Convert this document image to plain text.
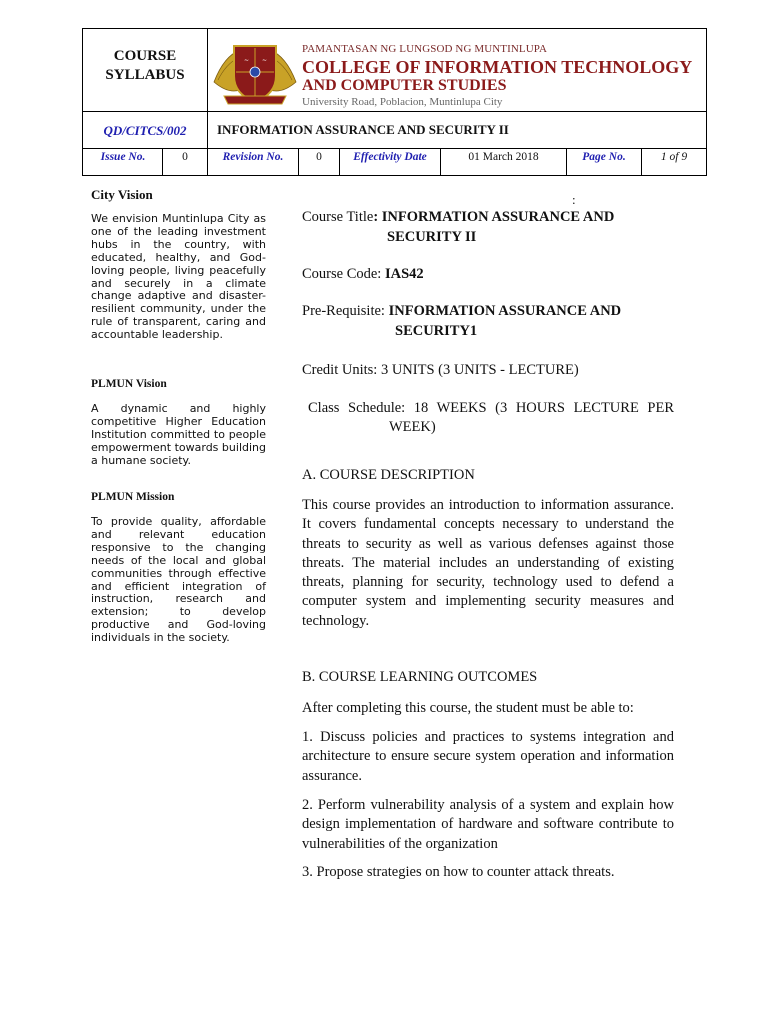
COURSE
SYLLABUS
~ ~
PAMANTASAN NG LUNGSOD NG MUNTINLUPA
COLLEGE OF INFORMATION TECHNOLOGY
AND COMPUTER STUDIES
University Road, Poblacion, Muntinlupa City
QD/CITCS/002	INFORMATION ASSURANCE AND SECURITY II
Issue No.	0	Revision No.	0	Effectivity Date	01 March 2018	Page No.	1 of 9
City Vision
We envision Muntinlupa City as one of the leading investment hubs in the country, with educated, healthy, and God-loving people, living peacefully and securely in a climate change adaptive and disaster-resilient community, under the rule of transparent, caring and accountable leadership.
PLMUN Vision
A dynamic and highly competitive Higher Education Institution committed to people empowerment towards building a humane society.
PLMUN Mission
To provide quality, affordable and relevant education responsive to the changing needs of the local and global communities through effective and efficient integration of instruction, research and extension; to develop productive and God-loving individuals in the society.
:
Course Title: INFORMATION ASSURANCE AND
SECURITY II
Course Code: IAS42
Pre-Requisite: INFORMATION ASSURANCE AND
SECURITY1
Credit Units: 3 UNITS (3 UNITS - LECTURE)
Class Schedule: 18 WEEKS (3 HOURS LECTURE PER
WEEK)
A. COURSE DESCRIPTION
This course provides an introduction to information assurance. It covers fundamental concepts necessary to understand the threats to security as well as various defenses against those threats. The material includes an understanding of existing threats, planning for security, technology used to defend a computer system and implementing security measures and technology.
B. COURSE LEARNING OUTCOMES
After completing this course, the student must be able to:
1. Discuss policies and practices to systems integration and architecture to ensure secure system operation and information assurance.
2. Perform vulnerability analysis of a system and explain how design implementation of hardware and software contribute to vulnerabilities of the organization
3. Propose strategies on how to counter attack threats.
